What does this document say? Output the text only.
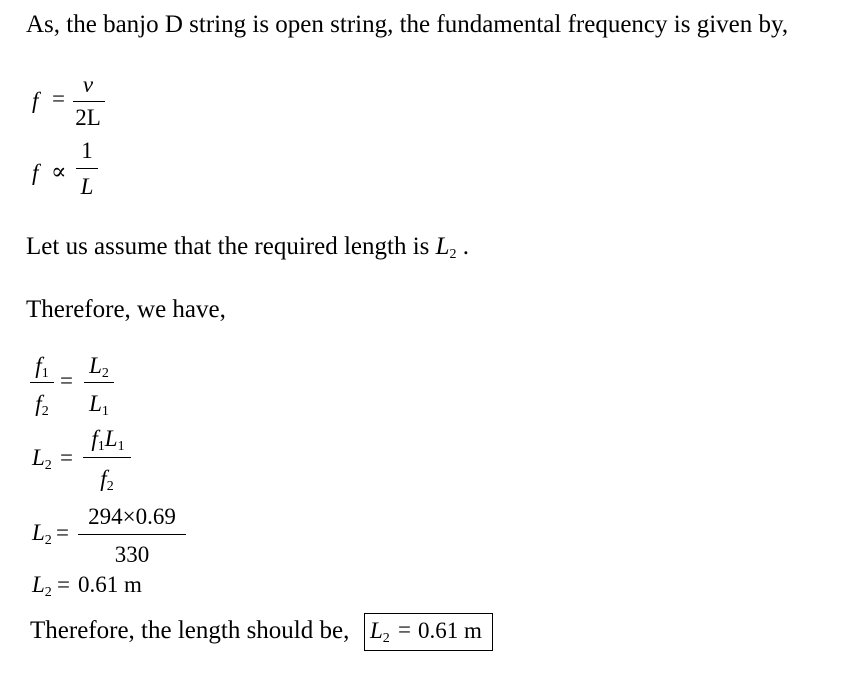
As, the banjo D string is open string, the fundamental frequency is given by,
f =
v
2L
f ∝
1
L
Let us assume that the required length is $L_2$ .
Therefore, we have,
$f_1$
$f_2$
=
$L_2$
$L_1$
$L_2$ =
$f_1L_1$
$f_2$
$L_2$ =
294×0.69
330
$L_2 = 0.61$ m
Therefore, the length should be, $L_2 = 0.61$ m
